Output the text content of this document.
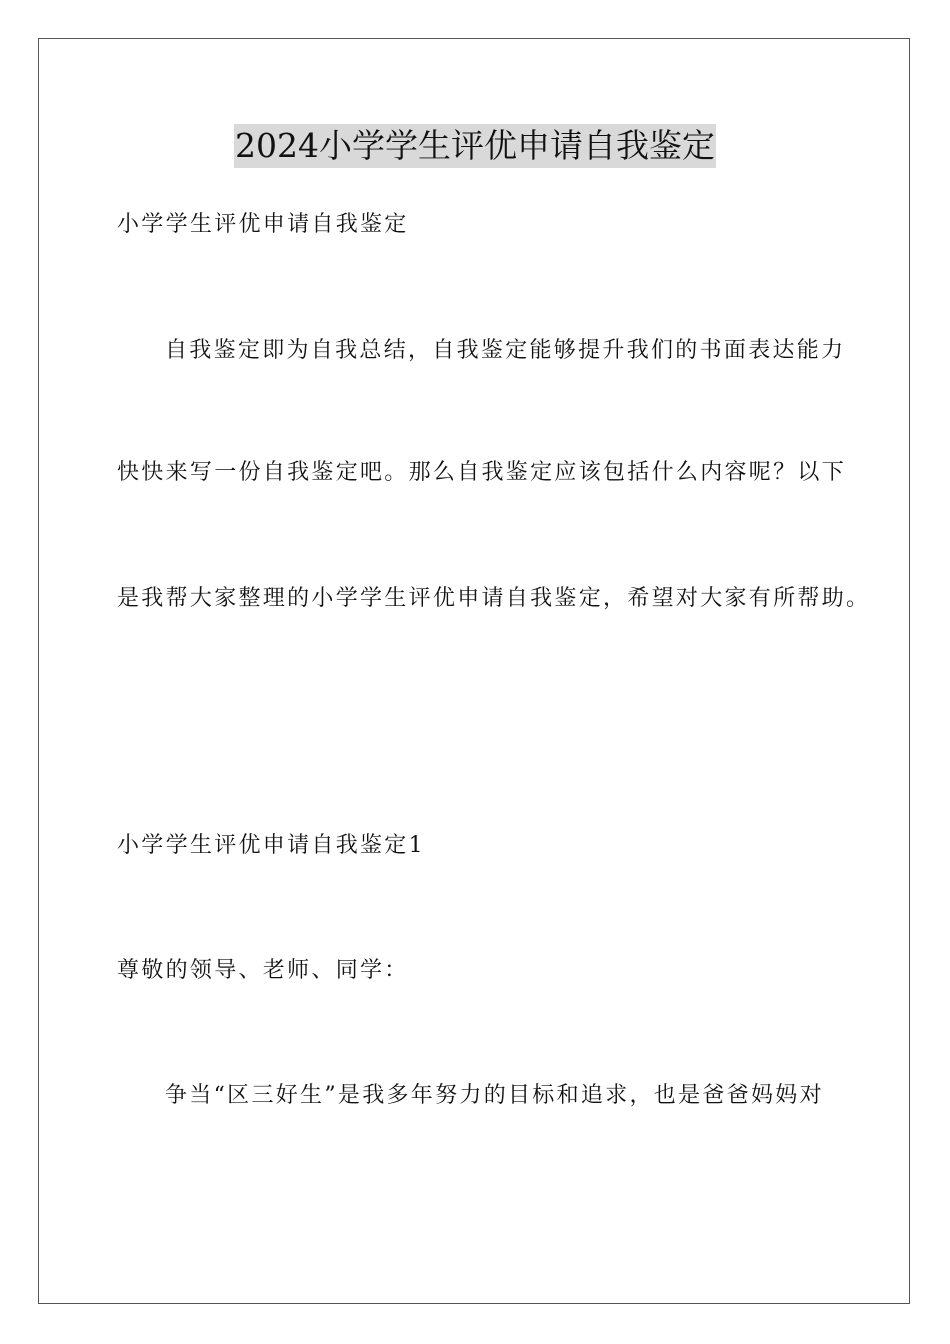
2024小学学生评优申请自我鉴定
小学学生评优申请自我鉴定
自我鉴定即为自我总结，自我鉴定能够提升我们的书面表达能力
快快来写一份自我鉴定吧。那么自我鉴定应该包括什么内容呢？以下
是我帮大家整理的小学学生评优申请自我鉴定，希望对大家有所帮助。
小学学生评优申请自我鉴定1
尊敬的领导、老师、同学：
争当“区三好生”是我多年努力的目标和追求，也是爸爸妈妈对
